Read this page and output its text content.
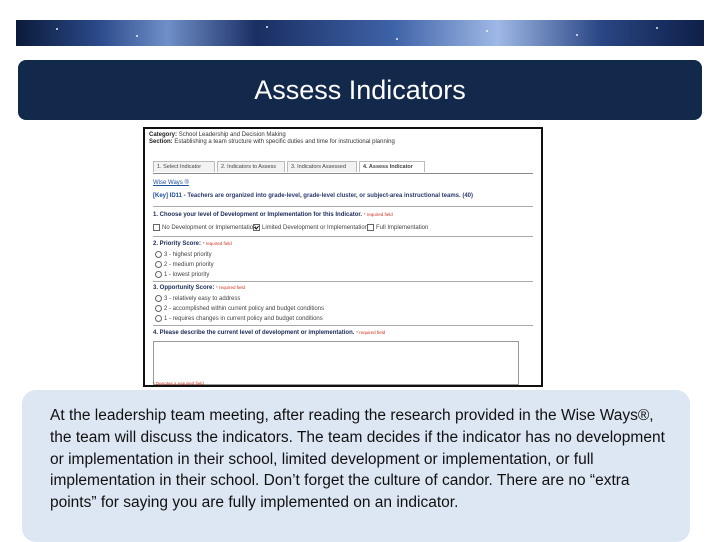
Assess Indicators
Category: School Leadership and Decision Making
Section: Establishing a team structure with specific duties and time for instructional planning
1. Select Indicator	2. Indicators to Assess	3. Indicators Assessed	4. Assess Indicator
Wise Ways ®
[Key] ID11 - Teachers are organized into grade-level, grade-level cluster, or subject-area instructional teams. (40)
1. Choose your level of Development or Implementation for this Indicator. * required field
No Development or Implementation Limited Development or Implementation	Full Implementation
2. Priority Score: * required field
3 - highest priority
2 - medium priority
1 - lowest priority
3. Opportunity Score: * required field
3 - relatively easy to address
2 - accomplished within current policy and budget conditions
1 - requires changes in current policy and budget conditions
4. Please describe the current level of development or implementation. * required field
* Denotes a required field
At the leadership team meeting, after reading the research provided in the Wise Ways®, the team will discuss the indicators. The team decides if the indicator has no development or implementation in their school, limited development or implementation, or full implementation in their school. Don’t forget the culture of candor. There are no “extra points” for saying you are fully implemented on an indicator.
